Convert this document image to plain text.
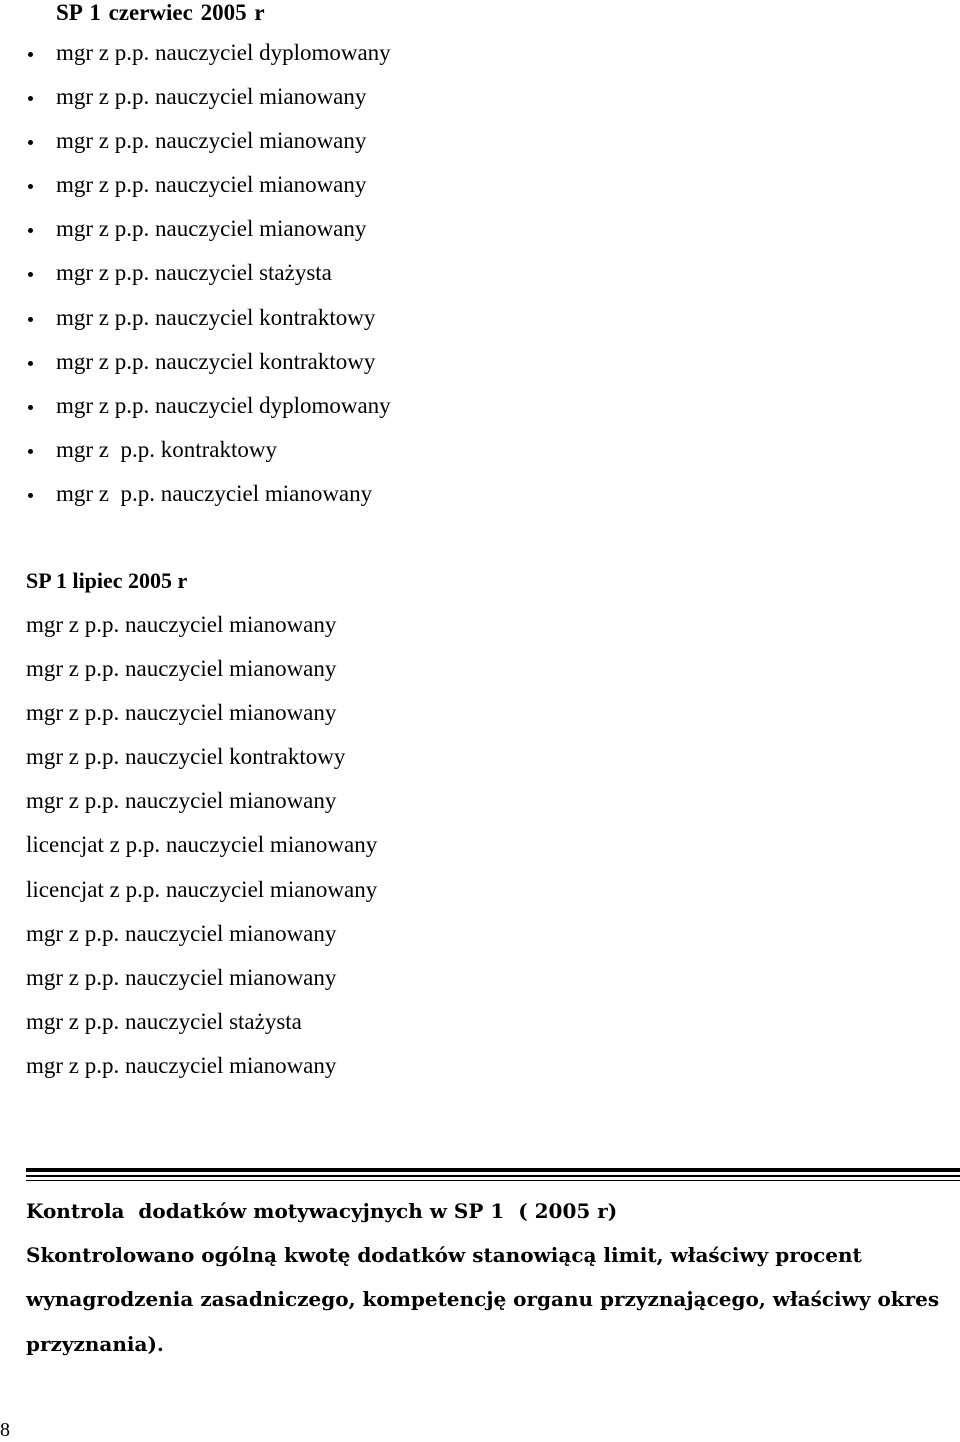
SP 1 czerwiec 2005 r
mgr z p.p. nauczyciel dyplomowany
mgr z p.p. nauczyciel mianowany
mgr z p.p. nauczyciel mianowany
mgr z p.p. nauczyciel mianowany
mgr z p.p. nauczyciel mianowany
mgr z p.p. nauczyciel stażysta
mgr z p.p. nauczyciel kontraktowy
mgr z p.p. nauczyciel kontraktowy
mgr z p.p. nauczyciel dyplomowany
mgr z  p.p. kontraktowy
mgr z  p.p. nauczyciel mianowany
SP 1 lipiec 2005 r
mgr z p.p. nauczyciel mianowany
mgr z p.p. nauczyciel mianowany
mgr z p.p. nauczyciel mianowany
mgr z p.p. nauczyciel kontraktowy
mgr z p.p. nauczyciel mianowany
licencjat z p.p. nauczyciel mianowany
licencjat z p.p. nauczyciel mianowany
mgr z p.p. nauczyciel mianowany
mgr z p.p. nauczyciel mianowany
mgr z p.p. nauczyciel stażysta
mgr z p.p. nauczyciel mianowany
Kontrola  dodatków motywacyjnych w SP 1  ( 2005 r)
Skontrolowano ogólną kwotę dodatków stanowiącą limit, właściwy procent
wynagrodzenia zasadniczego, kompetencję organu przyznającego, właściwy okres
przyznania).
8
